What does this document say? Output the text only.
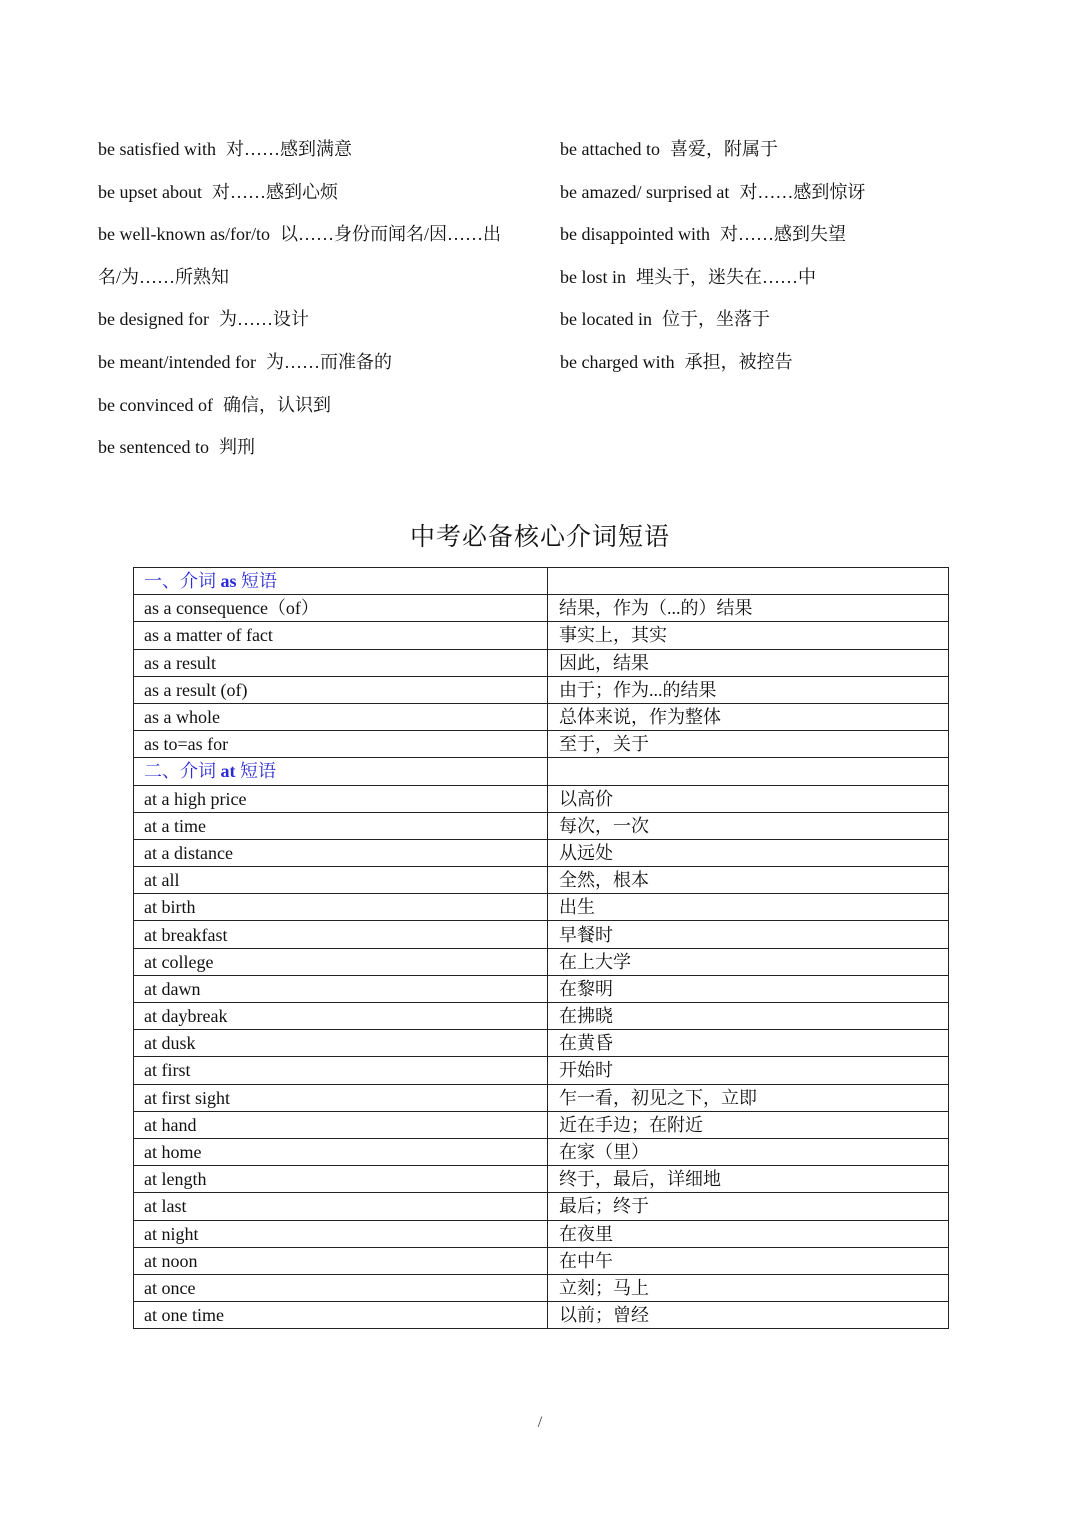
be satisfied with 对……感到满意
be upset about 对……感到心烦
be well-known as/for/to 以……身份而闻名/因……出
名/为……所熟知
be designed for 为……设计
be meant/intended for 为……而准备的
be convinced of 确信，认识到
be sentenced to 判刑
be attached to 喜爱，附属于
be amazed/ surprised at 对……感到惊讶
be disappointed with 对……感到失望
be lost in 埋头于，迷失在……中
be located in 位于，坐落于
be charged with 承担，被控告
中考必备核心介词短语
一、介词 as 短语	
as a consequence（of）	结果，作为（...的）结果
as a matter of fact	事实上，其实
as a result	因此，结果
as a result (of)	由于；作为...的结果
as a whole	总体来说，作为整体
as to=as for	至于，关于
二、介词 at 短语	
at a high price	以高价
at a time	每次，一次
at a distance	从远处
at all	全然，根本
at birth	出生
at breakfast	早餐时
at college	在上大学
at dawn	在黎明
at daybreak	在拂晓
at dusk	在黄昏
at first	开始时
at first sight	乍一看，初见之下，立即
at hand	近在手边；在附近
at home	在家（里）
at length	终于，最后，详细地
at last	最后；终于
at night	在夜里
at noon	在中午
at once	立刻；马上
at one time	以前；曾经
/
